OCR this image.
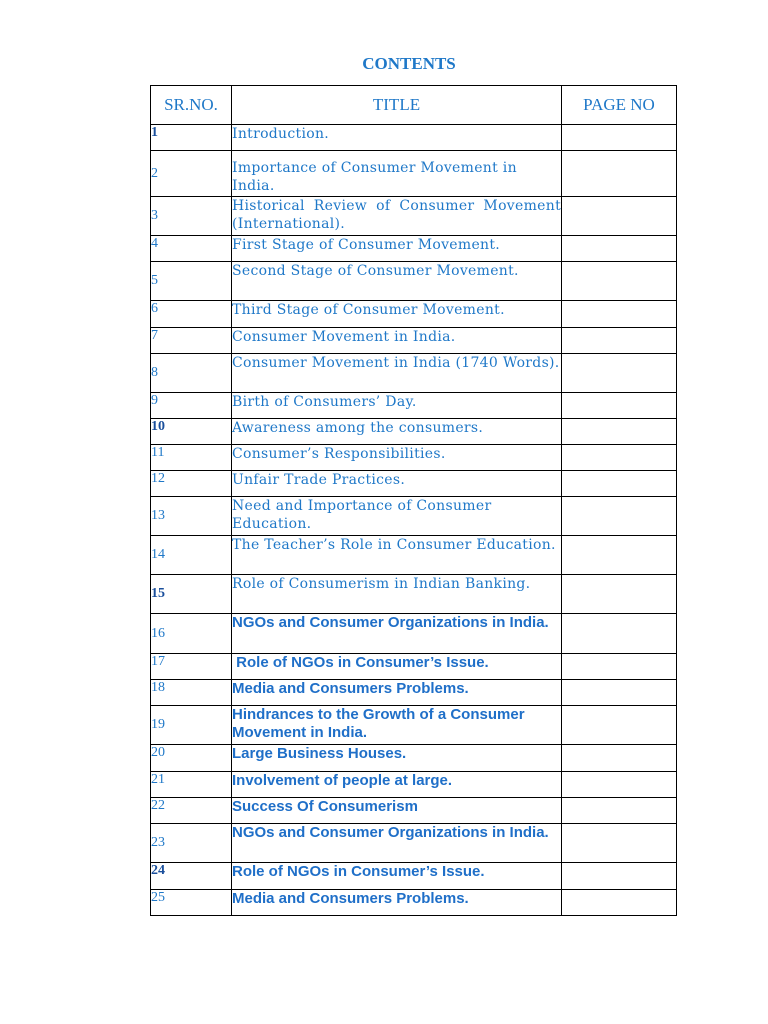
CONTENTS
SR.NO.	TITLE	PAGE NO
1	Introduction.	
2	Importance of Consumer Movement in India.	
3	Historical Review of Consumer Movement (International).	
4	First Stage of Consumer Movement.	
5	Second Stage of Consumer Movement.	
6	Third Stage of Consumer Movement.	
7	Consumer Movement in India.	
8	Consumer Movement in India (1740 Words).	
9	Birth of Consumers’ Day.	
10	Awareness among the consumers.	
11	Consumer’s Responsibilities.	
12	Unfair Trade Practices.	
13	Need and Importance of Consumer Education.	
14	The Teacher’s Role in Consumer Education.	
15	Role of Consumerism in Indian Banking.	
16	NGOs and Consumer Organizations in India.	
17	Role of NGOs in Consumer’s Issue.	
18	Media and Consumers Problems.	
19	Hindrances to the Growth of a Consumer Movement in India.	
20	Large Business Houses.	
21	Involvement of people at large.	
22	Success Of Consumerism	
23	NGOs and Consumer Organizations in India.	
24	Role of NGOs in Consumer’s Issue.	
25	Media and Consumers Problems.	
